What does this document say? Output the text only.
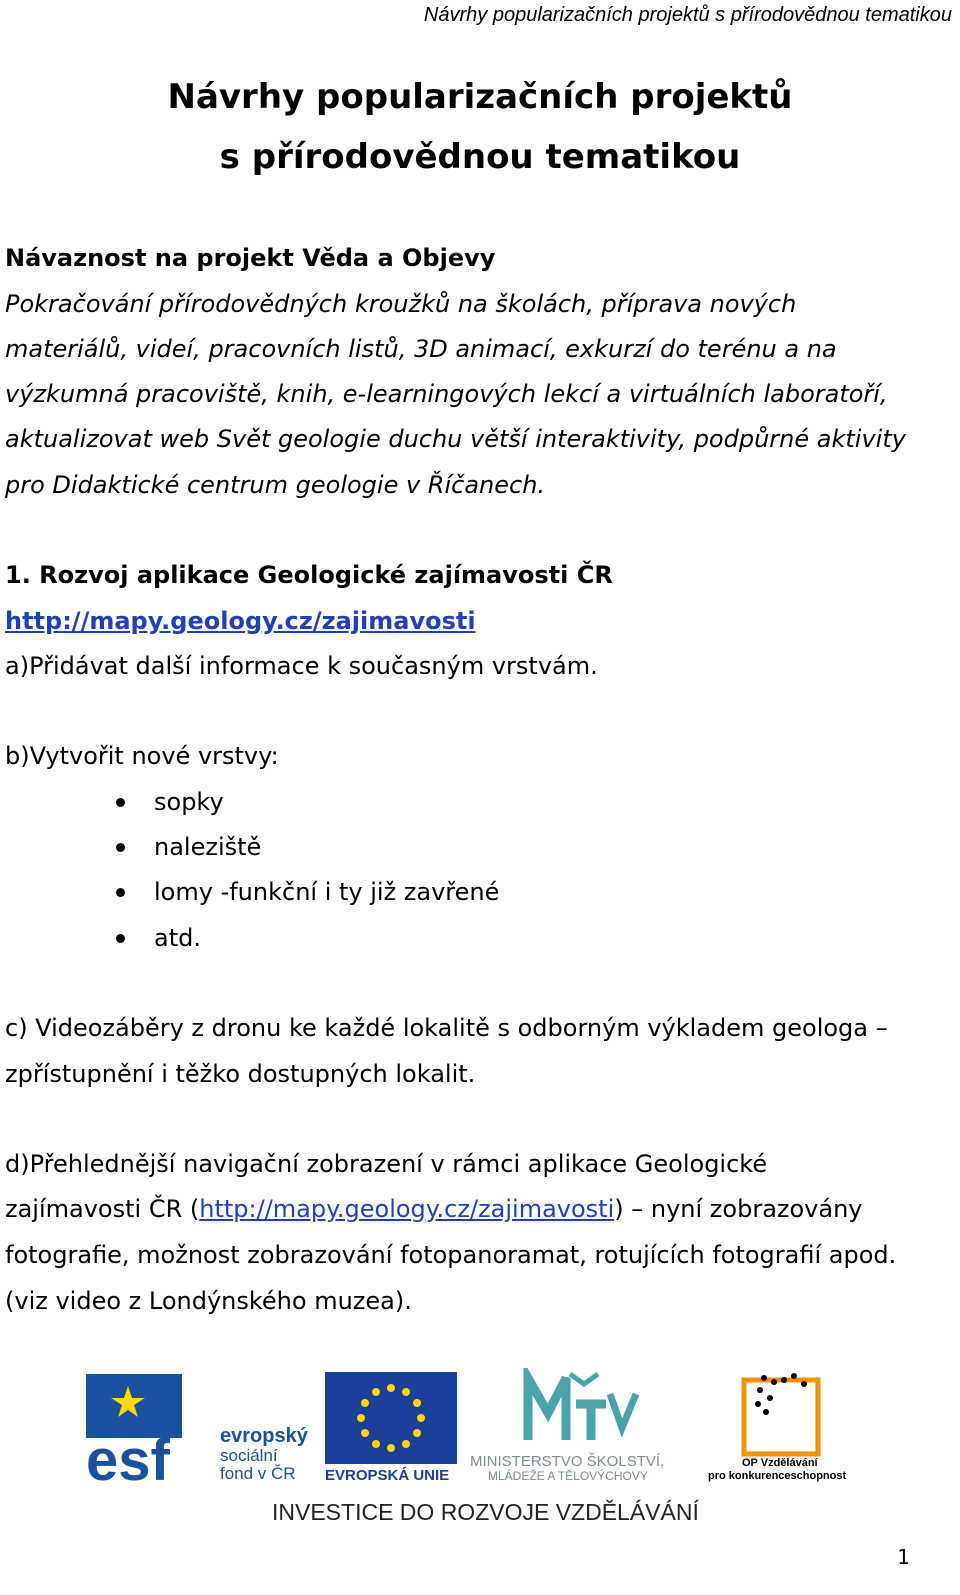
Návrhy popularizačních projektů s přírodovědnou tematikou
Návrhy popularizačních projektů
s přírodovědnou tematikou
Návaznost na projekt Věda a Objevy
Pokračování přírodovědných kroužků na školách, příprava nových
materiálů, videí, pracovních listů, 3D animací, exkurzí do terénu a na
výzkumná pracoviště, knih, e-learningových lekcí a virtuálních laboratoří,
aktualizovat web Svět geologie duchu větší interaktivity, podpůrné aktivity
pro Didaktické centrum geologie v Říčanech.
1. Rozvoj aplikace Geologické zajímavosti ČR
http://mapy.geology.cz/zajimavosti
a)Přidávat další informace k současným vrstvám.
b)Vytvořit nové vrstvy:
sopky
naleziště
lomy -funkční i ty již zavřené
atd.
c) Videozáběry z dronu ke každé lokalitě s odborným výkladem geologa –
zpřístupnění i těžko dostupných lokalit.
d)Přehlednější navigační zobrazení v rámci aplikace Geologické
zajímavosti ČR (http://mapy.geology.cz/zajimavosti) – nyní zobrazovány
fotografie, možnost zobrazování fotopanoramat, rotujících fotografií apod.
(viz video z Londýnského muzea).
esf	evropský
sociální
fond v ČR EVROPSKÁ UNIE
MINISTERSTVO ŠKOLSTVÍ,
MLÁDEŽE A TĚLOVÝCHOVY
OP Vzdělávání
pro konkurenceschopnost
INVESTICE DO ROZVOJE VZDĚLÁVÁNÍ
1
